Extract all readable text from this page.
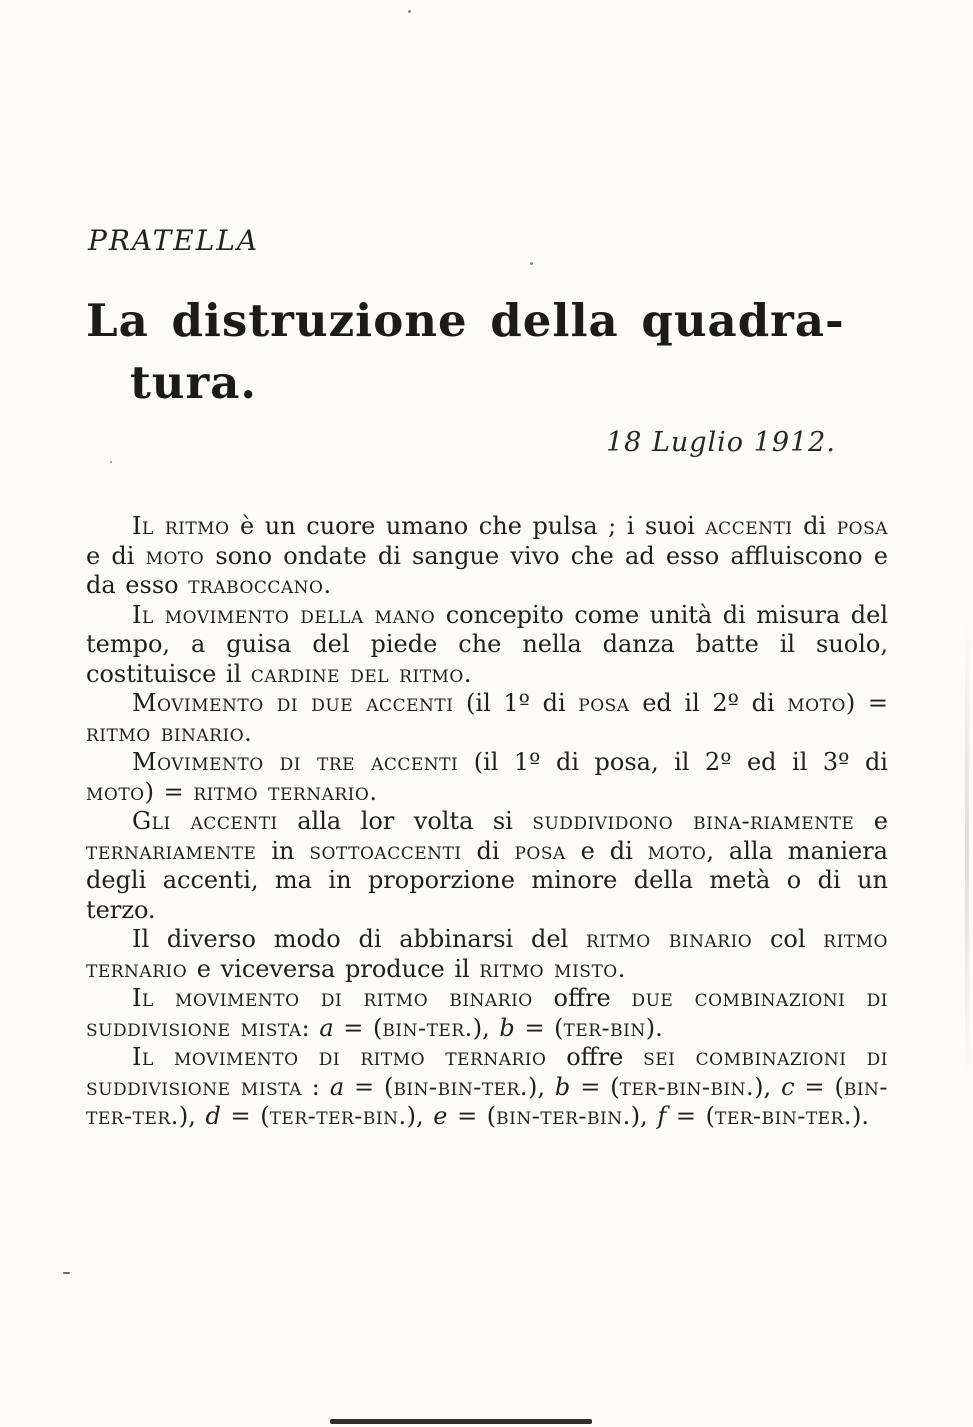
PRATELLA
La distruzione della quadra-
tura.
18 Luglio 1912.

Il ritmo è un cuore umano che pulsa ; i suoi accenti di posa e di moto sono ondate di sangue vivo che ad esso affluiscono e da esso traboccano.

Il movimento della mano concepito come unità di misura del tempo, a guisa del piede che nella danza batte il suolo, costituisce il cardine del ritmo.

Movimento di due accenti (il 1º di posa ed il 2º di moto) = ritmo binario.

Movimento di tre accenti (il 1º di posa, il 2º ed il 3º di moto) = ritmo ternario.

Gli accenti alla lor volta si suddividono bina-riamente e ternariamente in sottoaccenti di posa e di moto, alla maniera degli accenti, ma in proporzione minore della metà o di un terzo.

Il diverso modo di abbinarsi del ritmo binario col ritmo ternario e viceversa produce il ritmo misto.

Il movimento di ritmo binario offre due combinazioni di suddivisione mista: a = (bin-ter.), b = (ter-bin).

Il movimento di ritmo ternario offre sei combinazioni di suddivisione mista : a = (bin-bin-ter.), b = (ter-bin-bin.), c = (bin-ter-ter.), d = (ter-ter-bin.), e = (bin-ter-bin.), f = (ter-bin-ter.).
